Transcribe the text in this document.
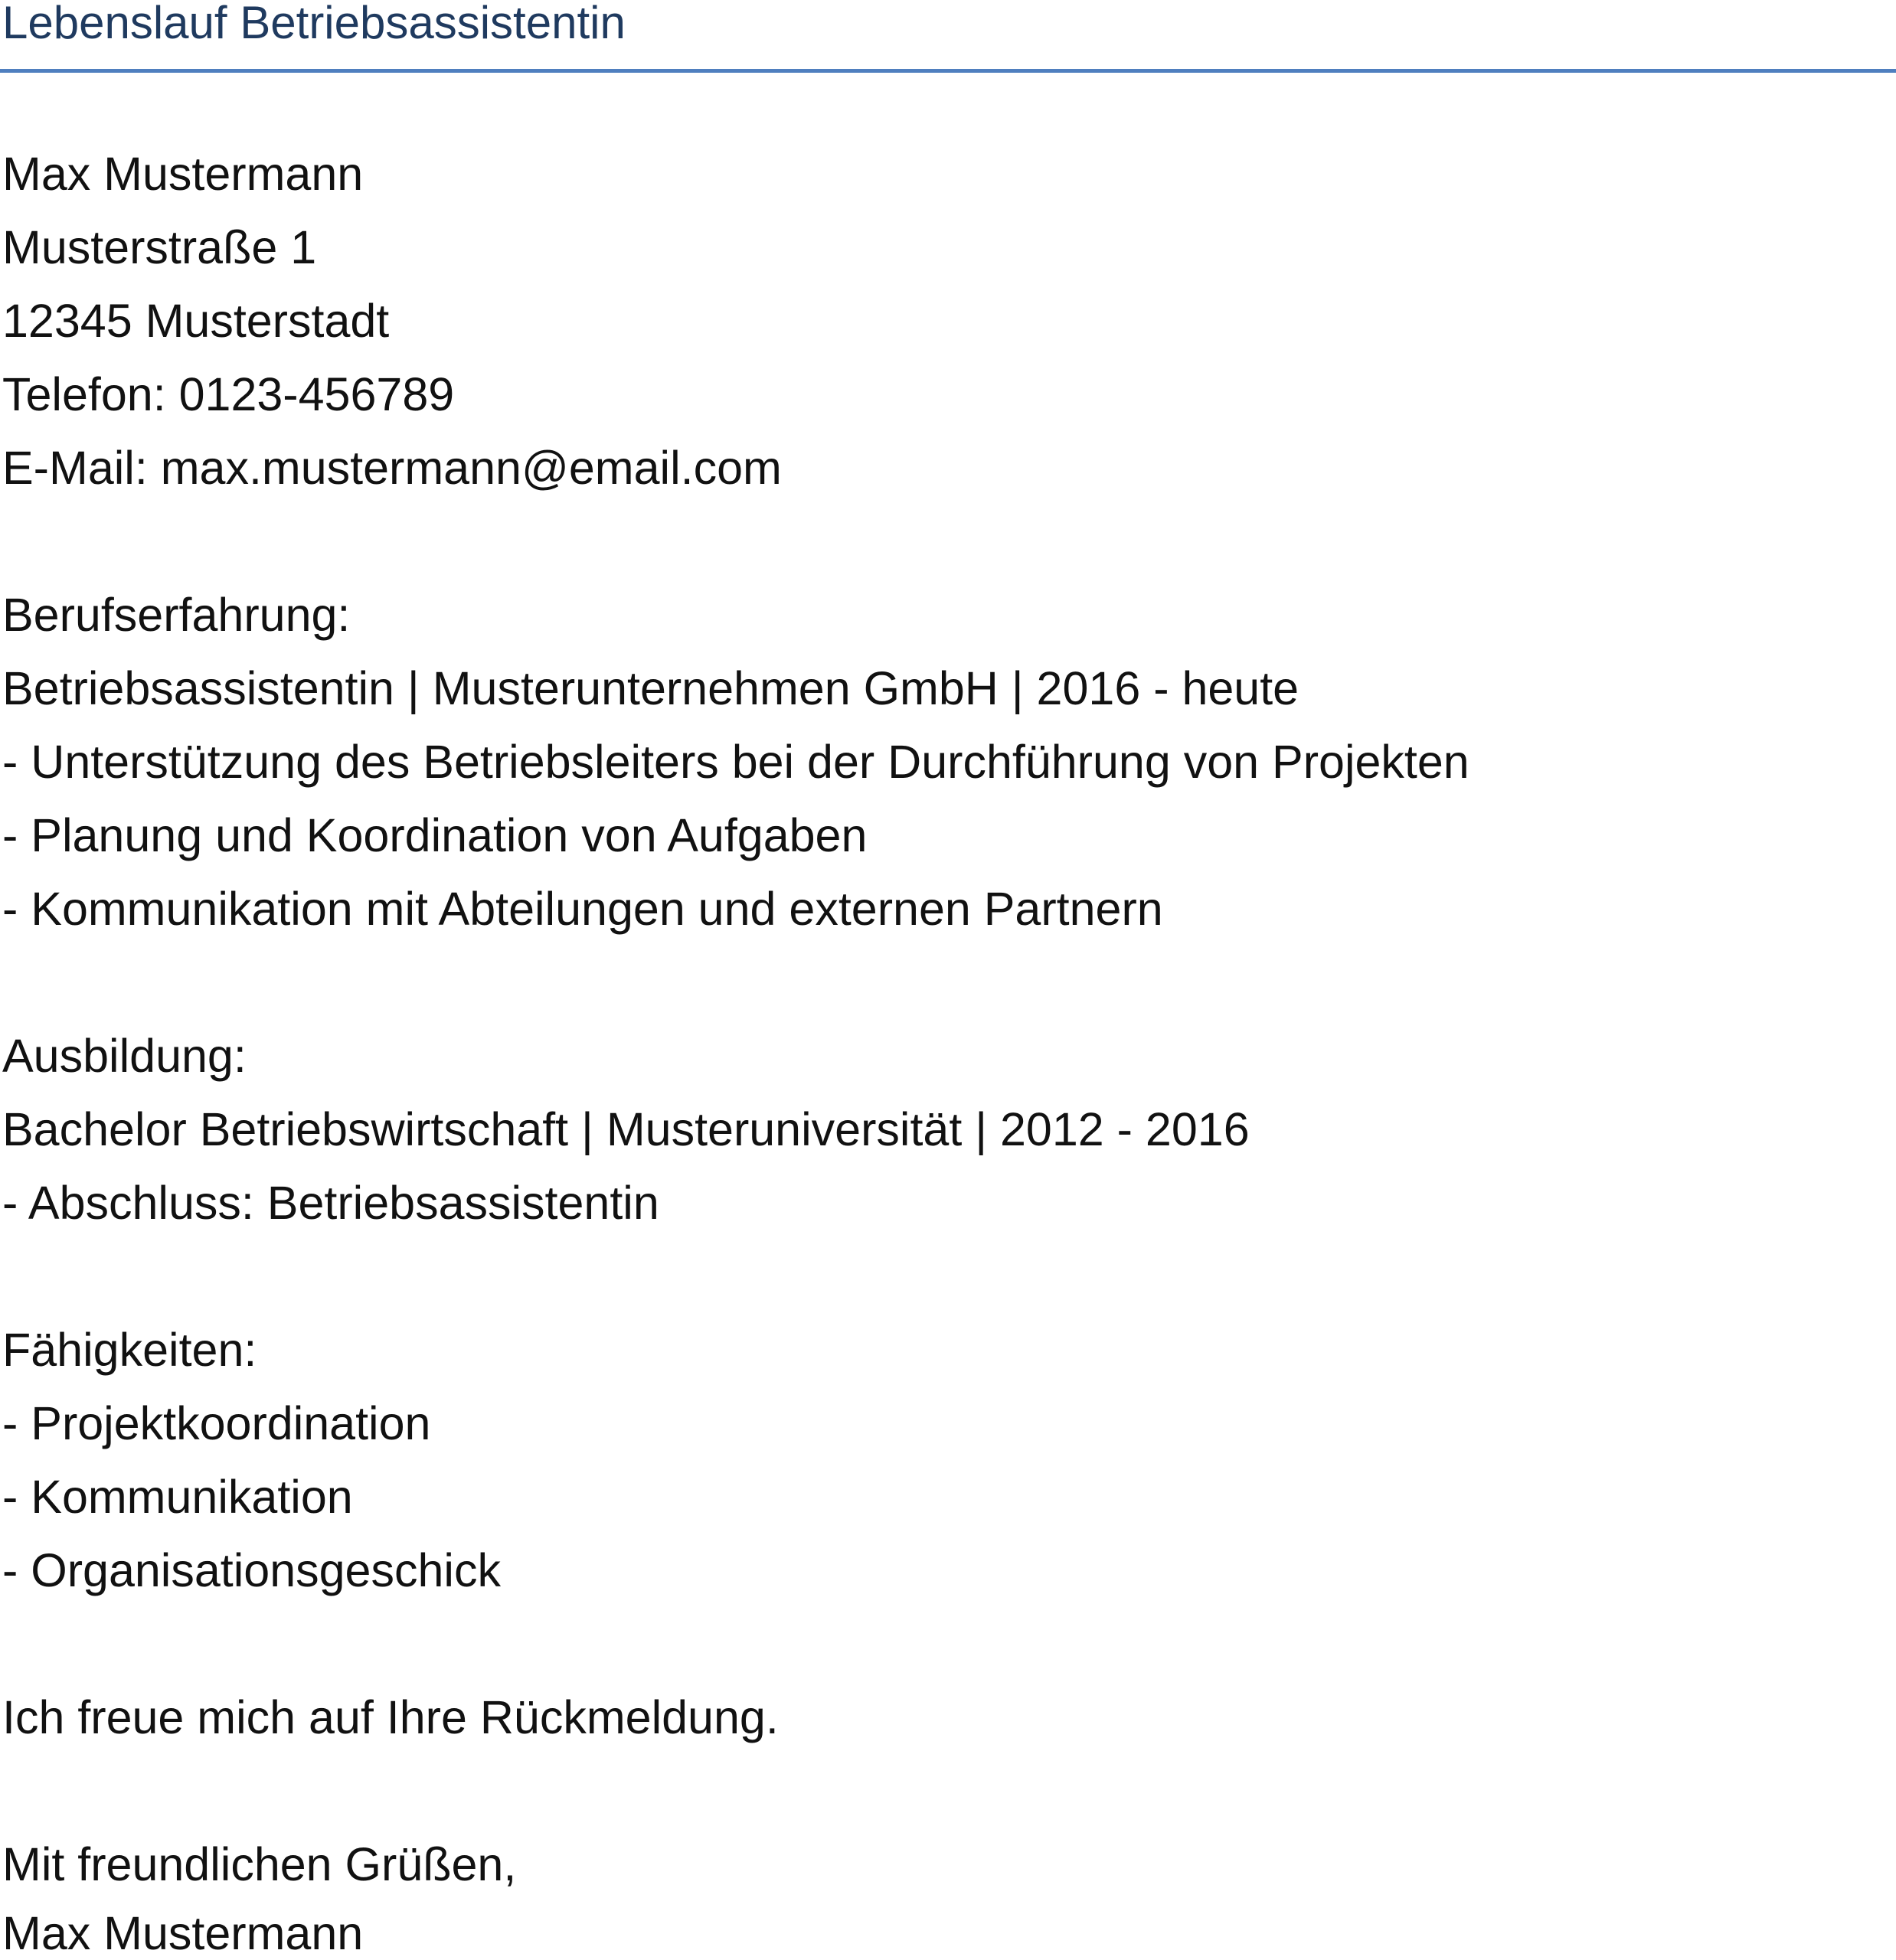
Lebenslauf Betriebsassistentin

Max Mustermann

Musterstraße 1

12345 Musterstadt

Telefon: 0123-456789

E-Mail: max.mustermann@email.com

Berufserfahrung:

Betriebsassistentin | Musterunternehmen GmbH | 2016 - heute

- Unterstützung des Betriebsleiters bei der Durchführung von Projekten

- Planung und Koordination von Aufgaben

- Kommunikation mit Abteilungen und externen Partnern

Ausbildung:

Bachelor Betriebswirtschaft | Musteruniversität | 2012 - 2016

- Abschluss: Betriebsassistentin

Fähigkeiten:

- Projektkoordination

- Kommunikation

- Organisationsgeschick

Ich freue mich auf Ihre Rückmeldung.

Mit freundlichen Grüßen,

Max Mustermann
